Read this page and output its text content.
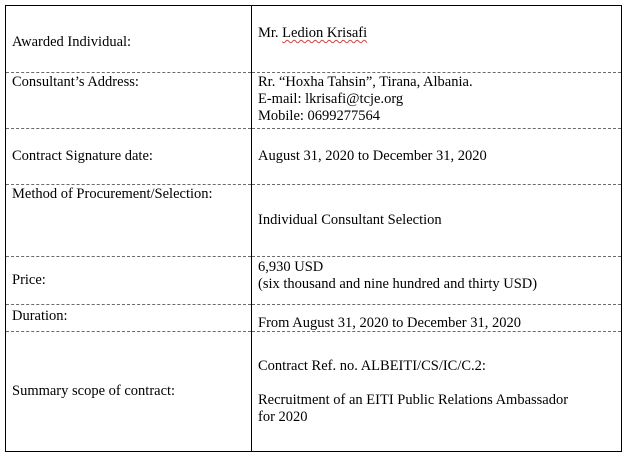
Awarded Individual:	Mr. Ledion Krisafi

Consultant’s Address:	Rr. “Hoxha Tahsin”, Tirana, Albania.
E-mail: lkrisafi@tcje.org
Mobile: 0699277564

Contract Signature date:	August 31, 2020 to December 31, 2020

Method of Procurement/Selection:	Individual Consultant Selection
Price:	6,930 USD
(six thousand and nine hundred and thirty USD)

Duration:	From August 31, 2020 to December 31, 2020

Summary scope of contract:	Contract Ref. no. ALBEITI/CS/IC/C.2:
Recruitment of an EITI Public Relations Ambassador
for 2020
